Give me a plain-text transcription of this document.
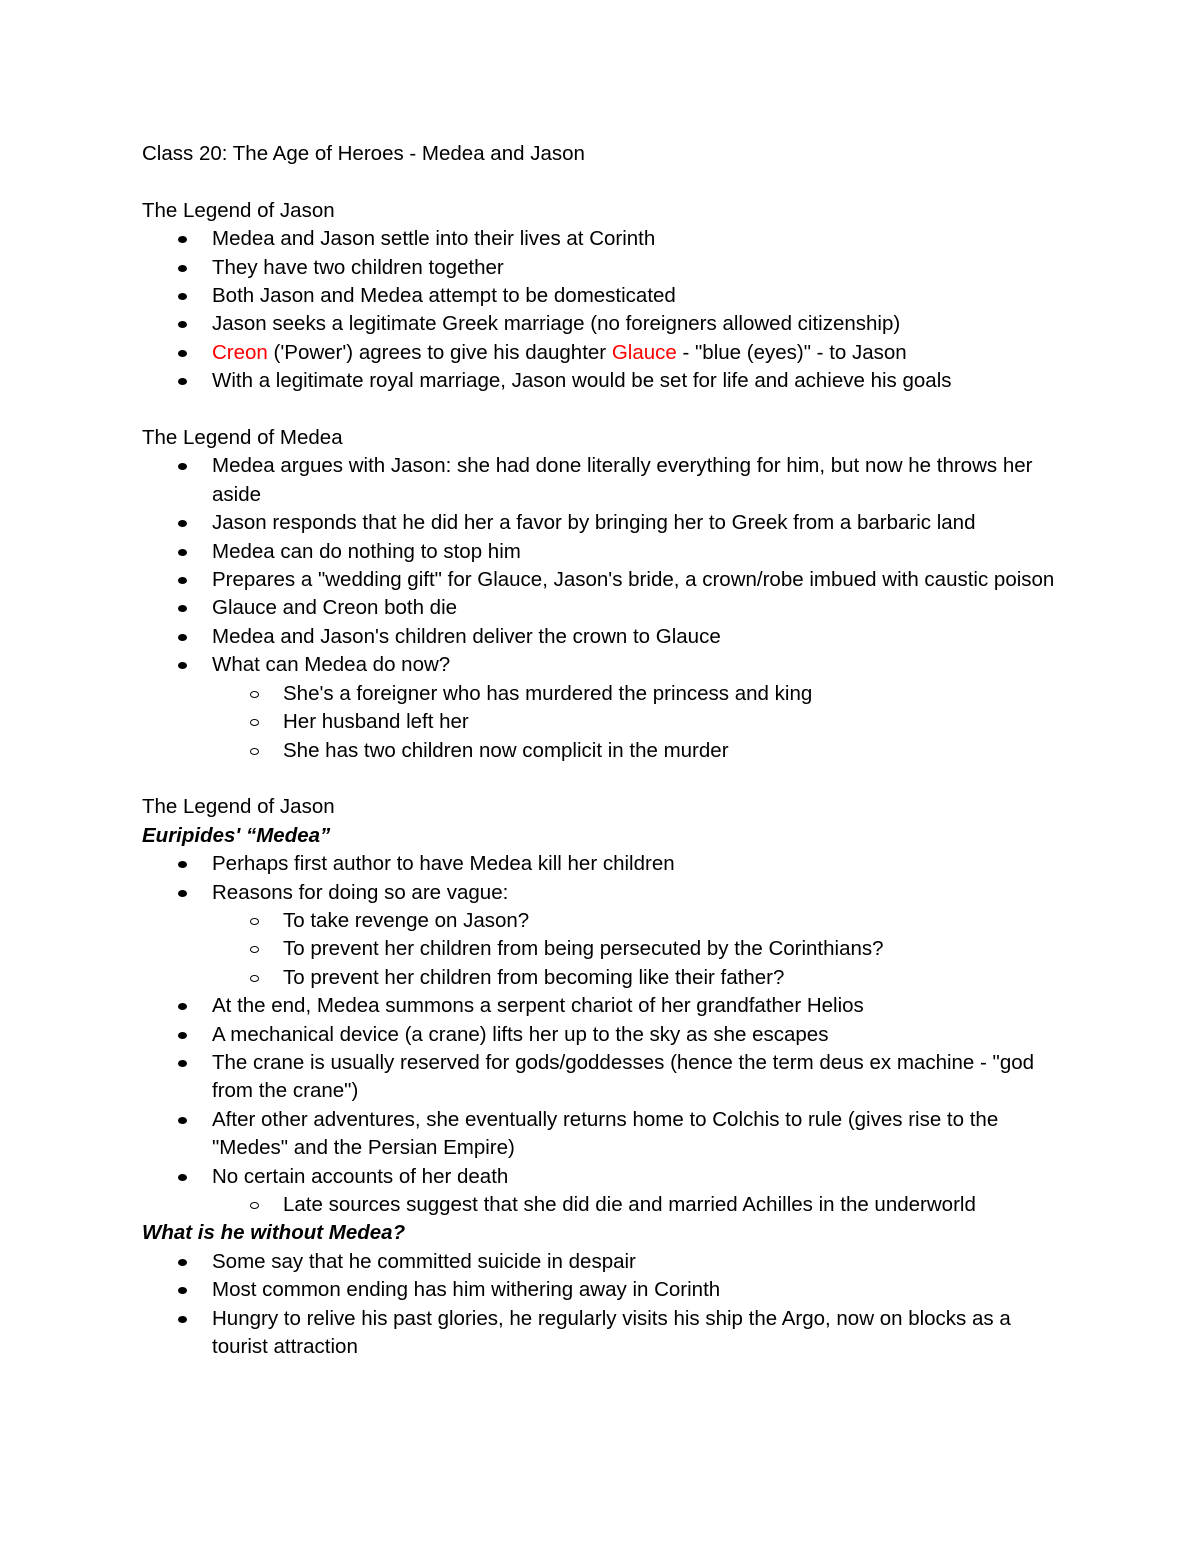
Class 20: The Age of Heroes - Medea and Jason
The Legend of Jason
Medea and Jason settle into their lives at Corinth
They have two children together
Both Jason and Medea attempt to be domesticated
Jason seeks a legitimate Greek marriage (no foreigners allowed citizenship)
Creon ('Power') agrees to give his daughter Glauce - "blue (eyes)" - to Jason
With a legitimate royal marriage, Jason would be set for life and achieve his goals
The Legend of Medea
Medea argues with Jason: she had done literally everything for him, but now he throws her aside
Jason responds that he did her a favor by bringing her to Greek from a barbaric land
Medea can do nothing to stop him
Prepares a "wedding gift" for Glauce, Jason's bride, a crown/robe imbued with caustic poison
Glauce and Creon both die
Medea and Jason's children deliver the crown to Glauce
What can Medea do now?
She's a foreigner who has murdered the princess and king
Her husband left her
She has two children now complicit in the murder
The Legend of Jason
Euripides' “Medea”
Perhaps first author to have Medea kill her children
Reasons for doing so are vague:
To take revenge on Jason?
To prevent her children from being persecuted by the Corinthians?
To prevent her children from becoming like their father?
At the end, Medea summons a serpent chariot of her grandfather Helios
A mechanical device (a crane) lifts her up to the sky as she escapes
The crane is usually reserved for gods/goddesses (hence the term deus ex machine - "god from the crane")
After other adventures, she eventually returns home to Colchis to rule (gives rise to the "Medes" and the Persian Empire)
No certain accounts of her death
Late sources suggest that she did die and married Achilles in the underworld
What is he without Medea?
Some say that he committed suicide in despair
Most common ending has him withering away in Corinth
Hungry to relive his past glories, he regularly visits his ship the Argo, now on blocks as a tourist attraction
